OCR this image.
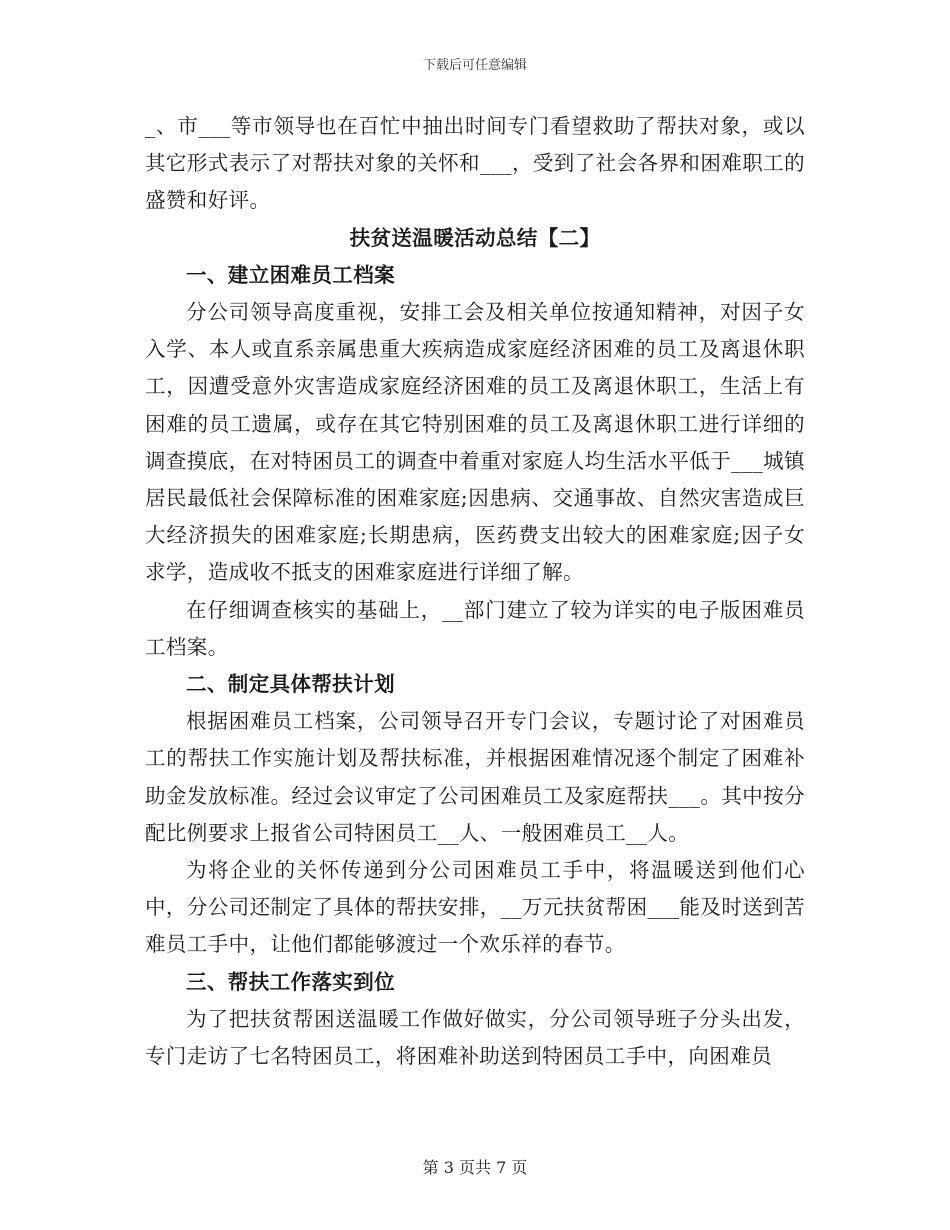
下载后可任意编辑

_、市___等市领导也在百忙中抽出时间专门看望救助了帮扶对象，或以其它形式表示了对帮扶对象的关怀和___，受到了社会各界和困难职工的盛赞和好评。

扶贫送温暖活动总结【二】

一、建立困难员工档案

分公司领导高度重视，安排工会及相关单位按通知精神，对因子女入学、本人或直系亲属患重大疾病造成家庭经济困难的员工及离退休职工，因遭受意外灾害造成家庭经济困难的员工及离退休职工，生活上有困难的员工遗属，或存在其它特别困难的员工及离退休职工进行详细的调查摸底，在对特困员工的调查中着重对家庭人均生活水平低于___城镇居民最低社会保障标准的困难家庭;因患病、交通事故、自然灾害造成巨大经济损失的困难家庭;长期患病，医药费支出较大的困难家庭;因子女求学，造成收不抵支的困难家庭进行详细了解。

在仔细调查核实的基础上，__部门建立了较为详实的电子版困难员工档案。

二、制定具体帮扶计划

根据困难员工档案，公司领导召开专门会议，专题讨论了对困难员工的帮扶工作实施计划及帮扶标准，并根据困难情况逐个制定了困难补助金发放标准。经过会议审定了公司困难员工及家庭帮扶___。其中按分配比例要求上报省公司特困员工__人、一般困难员工__人。

为将企业的关怀传递到分公司困难员工手中，将温暖送到他们心中，分公司还制定了具体的帮扶安排，__万元扶贫帮困___能及时送到苦难员工手中，让他们都能够渡过一个欢乐祥的春节。

三、帮扶工作落实到位

为了把扶贫帮困送温暖工作做好做实，分公司领导班子分头出发，专门走访了七名特困员工，将困难补助送到特困员工手中，向困难员

第 3 页共 7 页
